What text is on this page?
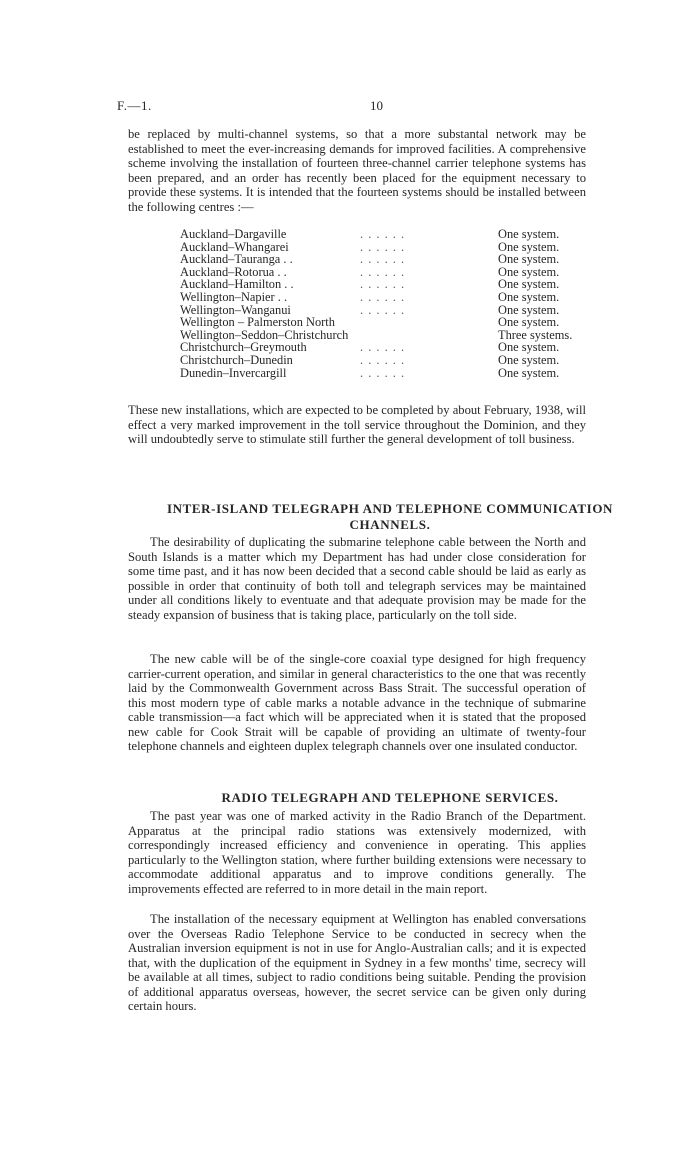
F.—1.	10

be replaced by multi-channel systems, so that a more substantal network may be established to meet the ever-increasing demands for improved facilities. A comprehensive scheme involving the installation of fourteen three-channel carrier telephone systems has been prepared, and an order has recently been placed for the equipment necessary to provide these systems. It is intended that the fourteen systems should be installed between the following centres :—

Auckland–Dargaville	. . . . . .	One system.
Auckland–Whangarei	. . . . . .	One system.
Auckland–Tauranga . .	. . . . . .	One system.
Auckland–Rotorua . .	. . . . . .	One system.
Auckland–Hamilton . .	. . . . . .	One system.
Wellington–Napier . .	. . . . . .	One system.
Wellington–Wanganui	. . . . . .	One system.
Wellington – Palmerston North	One system.
Wellington–Seddon–Christchurch	Three systems.
Christchurch–Greymouth	. . . . . .	One system.
Christchurch–Dunedin	. . . . . .	One system.
Dunedin–Invercargill	. . . . . .	One system.

These new installations, which are expected to be completed by about February, 1938, will effect a very marked improvement in the toll service throughout the Dominion, and they will undoubtedly serve to stimulate still further the general development of toll business.

INTER-ISLAND TELEGRAPH AND TELEPHONE COMMUNICATION CHANNELS.

The desirability of duplicating the submarine telephone cable between the North and South Islands is a matter which my Department has had under close consideration for some time past, and it has now been decided that a second cable should be laid as early as possible in order that continuity of both toll and telegraph services may be maintained under all conditions likely to eventuate and that adequate provision may be made for the steady expansion of business that is taking place, particularly on the toll side.

The new cable will be of the single-core coaxial type designed for high frequency carrier-current operation, and similar in general characteristics to the one that was recently laid by the Commonwealth Government across Bass Strait. The successful operation of this most modern type of cable marks a notable advance in the technique of submarine cable transmission—a fact which will be appreciated when it is stated that the proposed new cable for Cook Strait will be capable of providing an ultimate of twenty-four telephone channels and eighteen duplex telegraph channels over one insulated conductor.

RADIO TELEGRAPH AND TELEPHONE SERVICES.

The past year was one of marked activity in the Radio Branch of the Department. Apparatus at the principal radio stations was extensively modernized, with correspondingly increased efficiency and convenience in operating. This applies particularly to the Wellington station, where further building extensions were necessary to accommodate additional apparatus and to improve conditions generally. The improvements effected are referred to in more detail in the main report.

The installation of the necessary equipment at Wellington has enabled conversations over the Overseas Radio Telephone Service to be conducted in secrecy when the Australian inversion equipment is not in use for Anglo-Australian calls; and it is expected that, with the duplication of the equipment in Sydney in a few months' time, secrecy will be available at all times, subject to radio conditions being suitable. Pending the provision of additional apparatus overseas, however, the secret service can be given only during certain hours.
